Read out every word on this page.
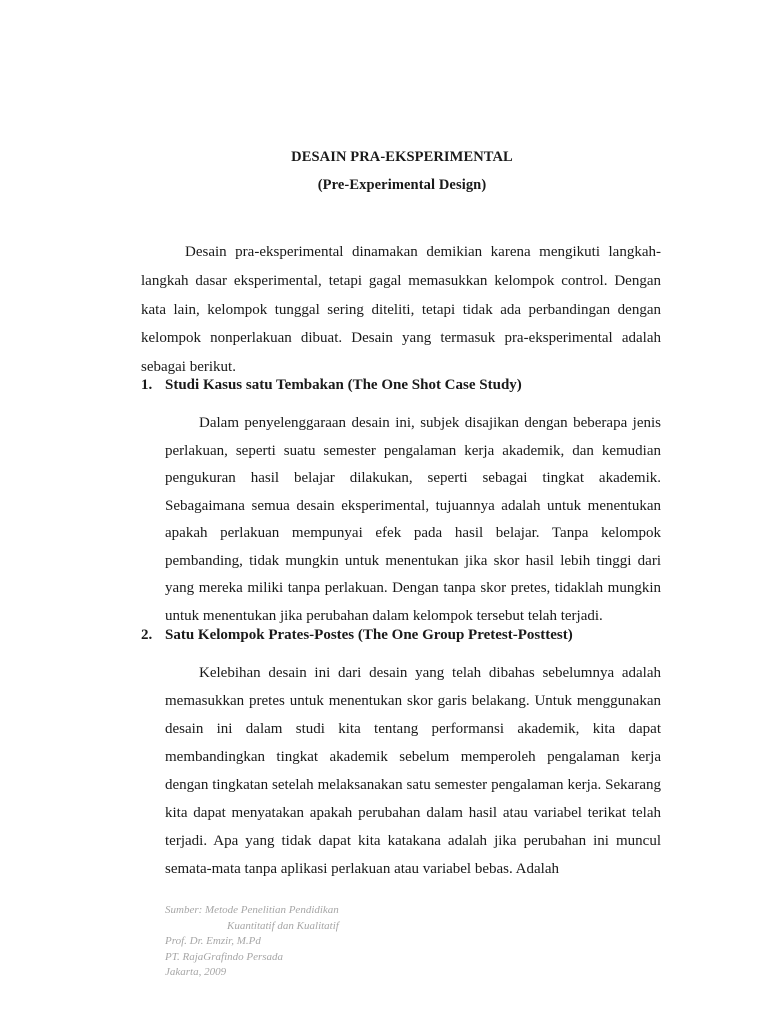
DESAIN PRA-EKSPERIMENTAL
(Pre-Experimental Design)

Desain pra-eksperimental dinamakan demikian karena mengikuti langkah-langkah dasar eksperimental, tetapi gagal memasukkan kelompok control. Dengan kata lain, kelompok tunggal sering diteliti, tetapi tidak ada perbandingan dengan kelompok nonperlakuan dibuat. Desain yang termasuk pra-eksperimental adalah sebagai berikut.

1. Studi Kasus satu Tembakan (The One Shot Case Study)

Dalam penyelenggaraan desain ini, subjek disajikan dengan beberapa jenis perlakuan, seperti suatu semester pengalaman kerja akademik, dan kemudian pengukuran hasil belajar dilakukan, seperti sebagai tingkat akademik. Sebagaimana semua desain eksperimental, tujuannya adalah untuk menentukan apakah perlakuan mempunyai efek pada hasil belajar. Tanpa kelompok pembanding, tidak mungkin untuk menentukan jika skor hasil lebih tinggi dari yang mereka miliki tanpa perlakuan. Dengan tanpa skor pretes, tidaklah mungkin untuk menentukan jika perubahan dalam kelompok tersebut telah terjadi.

2. Satu Kelompok Prates-Postes (The One Group Pretest-Posttest)

Kelebihan desain ini dari desain yang telah dibahas sebelumnya adalah memasukkan pretes untuk menentukan skor garis belakang. Untuk menggunakan desain ini dalam studi kita tentang performansi akademik, kita dapat membandingkan tingkat akademik sebelum memperoleh pengalaman kerja dengan tingkatan setelah melaksanakan satu semester pengalaman kerja. Sekarang kita dapat menyatakan apakah perubahan dalam hasil atau variabel terikat telah terjadi. Apa yang tidak dapat kita katakana adalah jika perubahan ini muncul semata-mata tanpa aplikasi perlakuan atau variabel bebas. Adalah

Sumber: Metode Penelitian Pendidikan
Kuantitatif dan Kualitatif
Prof. Dr. Emzir, M.Pd
PT. RajaGrafindo Persada
Jakarta, 2009
